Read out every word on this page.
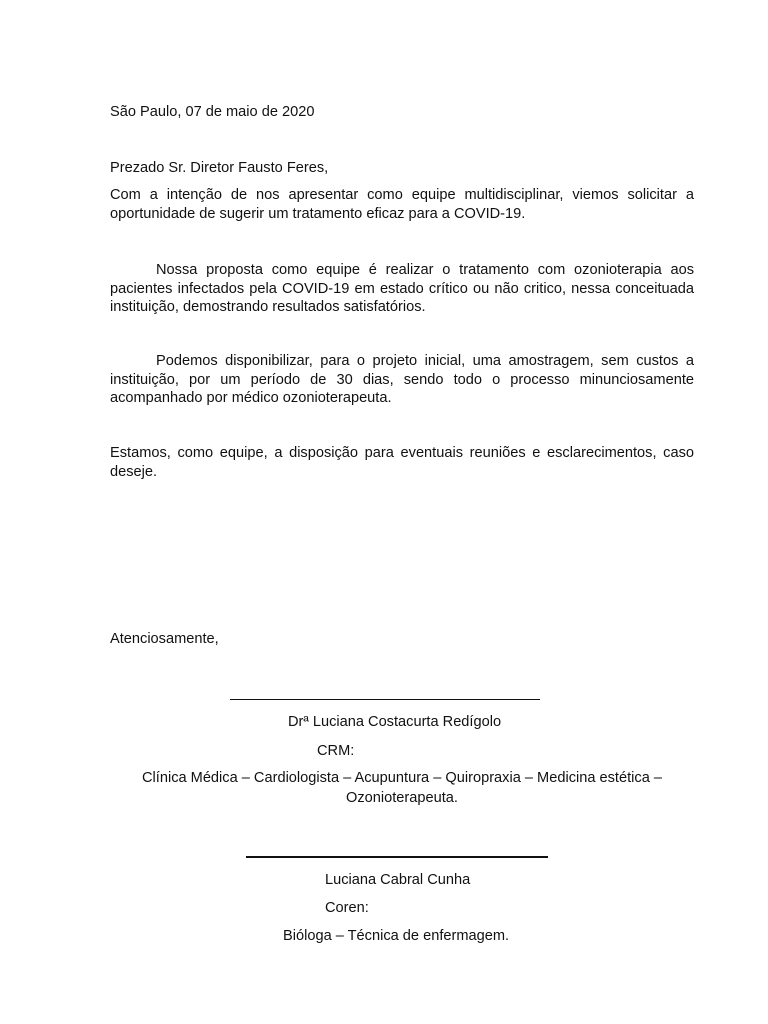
São Paulo, 07 de maio de 2020
Prezado Sr. Diretor Fausto Feres,
Com a intenção de nos apresentar como equipe multidisciplinar, viemos solicitar a oportunidade de sugerir um tratamento eficaz para a COVID-19.
Nossa proposta como equipe é realizar o tratamento com ozonioterapia aos pacientes infectados pela COVID-19 em estado crítico ou não critico, nessa conceituada instituição, demostrando resultados satisfatórios.
Podemos disponibilizar, para o projeto inicial, uma amostragem, sem custos a instituição, por um período de 30 dias, sendo todo o processo minunciosamente acompanhado por médico ozonioterapeuta.
Estamos, como equipe, a disposição para eventuais reuniões e esclarecimentos, caso deseje.
Atenciosamente,
Drª Luciana Costacurta Redígolo
CRM:
Clínica Médica – Cardiologista – Acupuntura – Quiropraxia – Medicina estética – Ozonioterapeuta.
Luciana Cabral Cunha
Coren:
Bióloga – Técnica de enfermagem.
